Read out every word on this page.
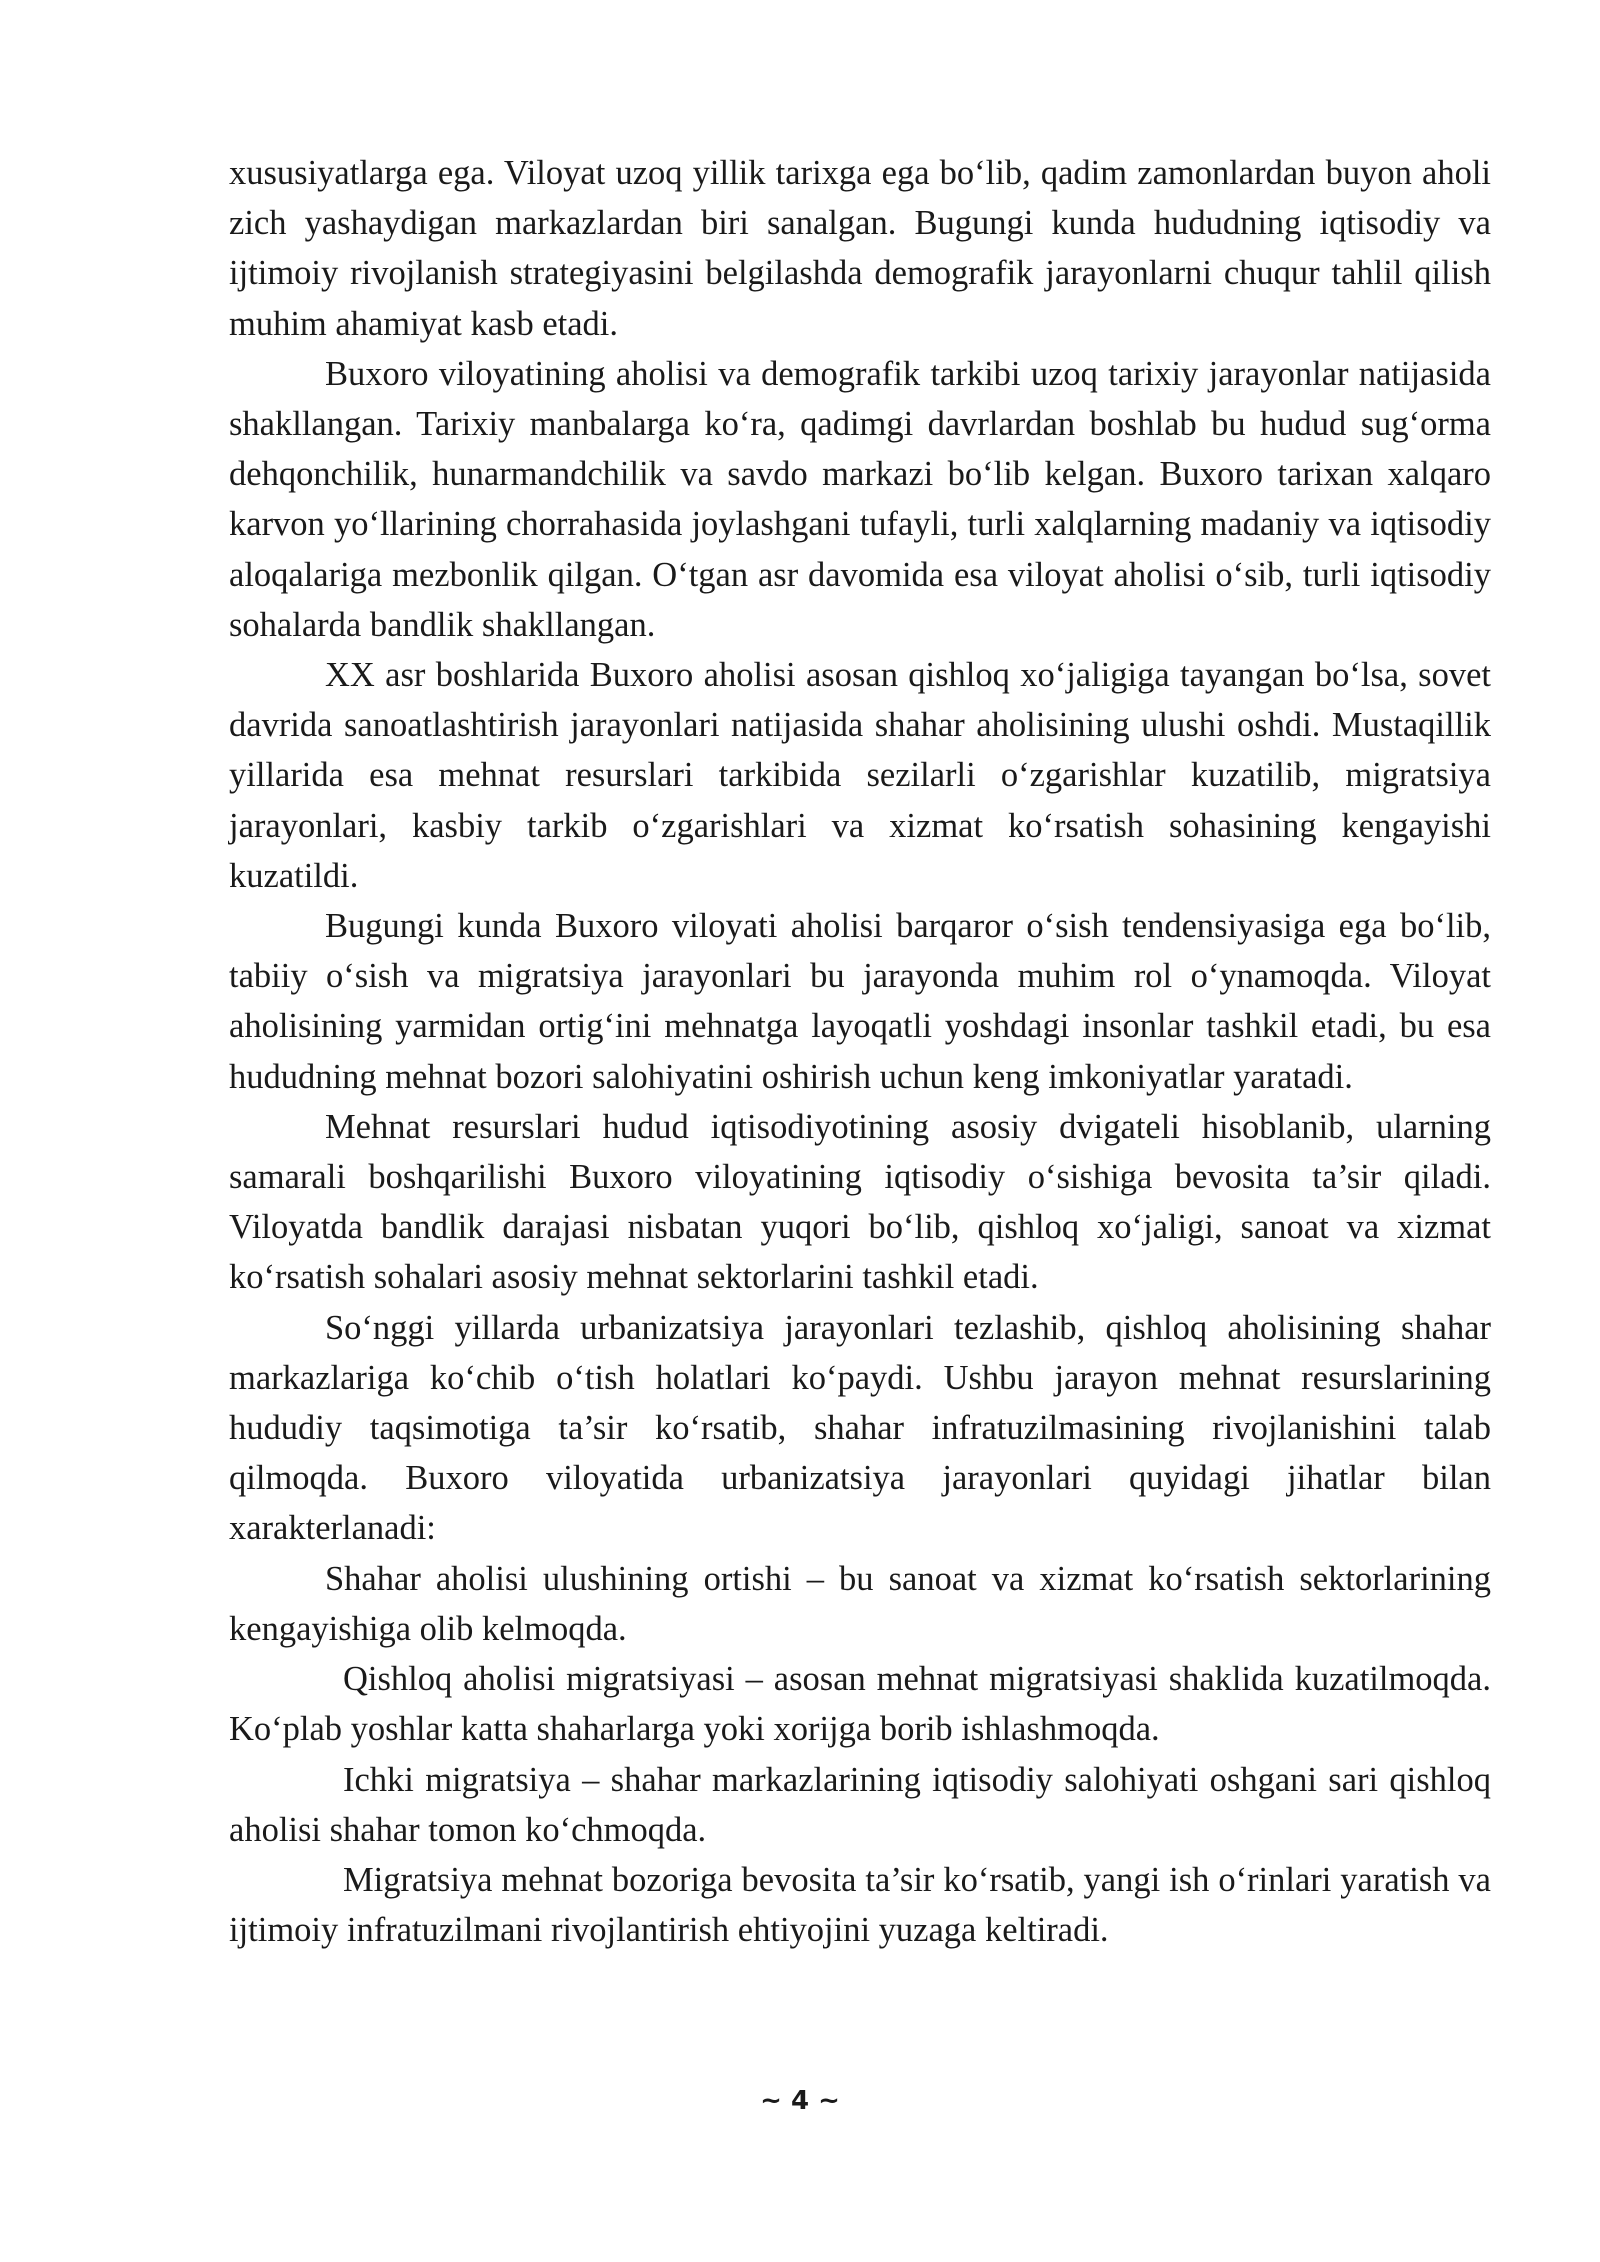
xususiyatlarga ega. Viloyat uzoq yillik tarixga ega bo‘lib, qadim zamonlardan buyon aholi zich yashaydigan markazlardan biri sanalgan. Bugungi kunda hududning iqtisodiy va ijtimoiy rivojlanish strategiyasini belgilashda demografik jarayonlarni chuqur tahlil qilish muhim ahamiyat kasb etadi.

Buxoro viloyatining aholisi va demografik tarkibi uzoq tarixiy jarayonlar natijasida shakllangan. Tarixiy manbalarga ko‘ra, qadimgi davrlardan boshlab bu hudud sug‘orma dehqonchilik, hunarmandchilik va savdo markazi bo‘lib kelgan. Buxoro tarixan xalqaro karvon yo‘llarining chorrahasida joylashgani tufayli, turli xalqlarning madaniy va iqtisodiy aloqalariga mezbonlik qilgan. O‘tgan asr davomida esa viloyat aholisi o‘sib, turli iqtisodiy sohalarda bandlik shakllangan.

XX asr boshlarida Buxoro aholisi asosan qishloq xo‘jaligiga tayangan bo‘lsa, sovet davrida sanoatlashtirish jarayonlari natijasida shahar aholisining ulushi oshdi. Mustaqillik yillarida esa mehnat resurslari tarkibida sezilarli o‘zgarishlar kuzatilib, migratsiya jarayonlari, kasbiy tarkib o‘zgarishlari va xizmat ko‘rsatish sohasining kengayishi kuzatildi.

Bugungi kunda Buxoro viloyati aholisi barqaror o‘sish tendensiyasiga ega bo‘lib, tabiiy o‘sish va migratsiya jarayonlari bu jarayonda muhim rol o‘ynamoqda. Viloyat aholisining yarmidan ortig‘ini mehnatga layoqatli yoshdagi insonlar tashkil etadi, bu esa hududning mehnat bozori salohiyatini oshirish uchun keng imkoniyatlar yaratadi.

Mehnat resurslari hudud iqtisodiyotining asosiy dvigateli hisoblanib, ularning samarali boshqarilishi Buxoro viloyatining iqtisodiy o‘sishiga bevosita ta’sir qiladi. Viloyatda bandlik darajasi nisbatan yuqori bo‘lib, qishloq xo‘jaligi, sanoat va xizmat ko‘rsatish sohalari asosiy mehnat sektorlarini tashkil etadi.

So‘nggi yillarda urbanizatsiya jarayonlari tezlashib, qishloq aholisining shahar markazlariga ko‘chib o‘tish holatlari ko‘paydi. Ushbu jarayon mehnat resurslarining hududiy taqsimotiga ta’sir ko‘rsatib, shahar infratuzilmasining rivojlanishini talab qilmoqda. Buxoro viloyatida urbanizatsiya jarayonlari quyidagi jihatlar bilan xarakterlanadi:

Shahar aholisi ulushining ortishi – bu sanoat va xizmat ko‘rsatish sektorlarining kengayishiga olib kelmoqda.

Qishloq aholisi migratsiyasi – asosan mehnat migratsiyasi shaklida kuzatilmoqda. Ko‘plab yoshlar katta shaharlarga yoki xorijga borib ishlashmoqda.

Ichki migratsiya – shahar markazlarining iqtisodiy salohiyati oshgani sari qishloq aholisi shahar tomon ko‘chmoqda.

Migratsiya mehnat bozoriga bevosita ta’sir ko‘rsatib, yangi ish o‘rinlari yaratish va ijtimoiy infratuzilmani rivojlantirish ehtiyojini yuzaga keltiradi.

~ 4 ~
